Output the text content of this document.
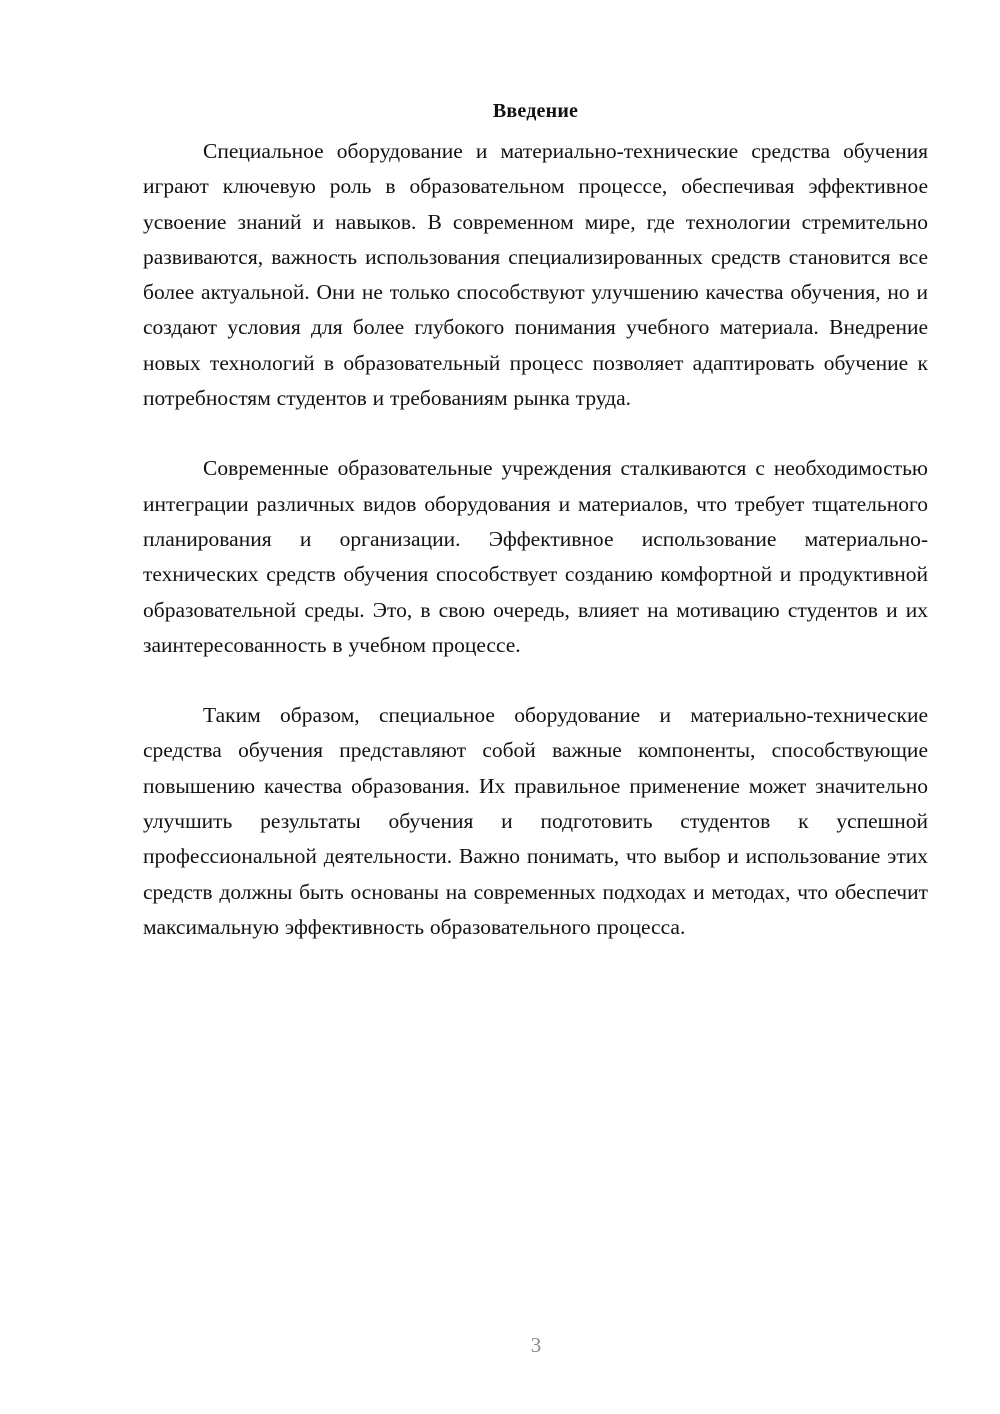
Введение

Специальное оборудование и материально-технические средства обучения играют ключевую роль в образовательном процессе, обеспечивая эффективное усвоение знаний и навыков. В современном мире, где технологии стремительно развиваются, важность использования специализированных средств становится все более актуальной. Они не только способствуют улучшению качества обучения, но и создают условия для более глубокого понимания учебного материала. Внедрение новых технологий в образовательный процесс позволяет адаптировать обучение к потребностям студентов и требованиям рынка труда.

Современные образовательные учреждения сталкиваются с необходимостью интеграции различных видов оборудования и материалов, что требует тщательного планирования и организации. Эффективное использование материально-технических средств обучения способствует созданию комфортной и продуктивной образовательной среды. Это, в свою очередь, влияет на мотивацию студентов и их заинтересованность в учебном процессе.

Таким образом, специальное оборудование и материально-технические средства обучения представляют собой важные компоненты, способствующие повышению качества образования. Их правильное применение может значительно улучшить результаты обучения и подготовить студентов к успешной профессиональной деятельности. Важно понимать, что выбор и использование этих средств должны быть основаны на современных подходах и методах, что обеспечит максимальную эффективность образовательного процесса.

3
